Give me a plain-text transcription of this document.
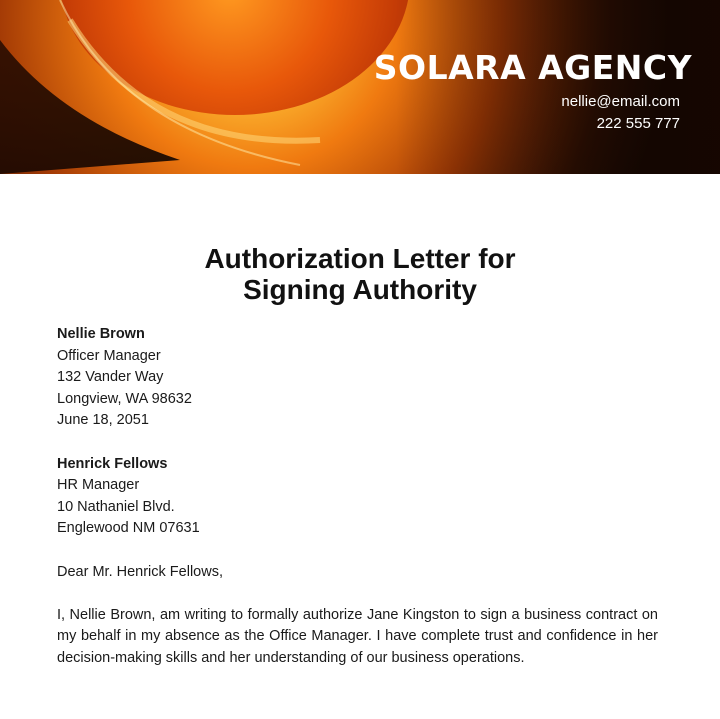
SOLARA AGENCY
nellie@email.com
222 555 777
Authorization Letter for
Signing Authority
Nellie Brown
Officer Manager
132 Vander Way
Longview, WA 98632
June 18, 2051
Henrick Fellows
HR Manager
10 Nathaniel Blvd.
Englewood NM 07631
Dear Mr. Henrick Fellows,

I, Nellie Brown, am writing to formally authorize Jane Kingston to sign a business contract on my behalf in my absence as the Office Manager. I have complete trust and confidence in her decision-making skills and her understanding of our business operations.
